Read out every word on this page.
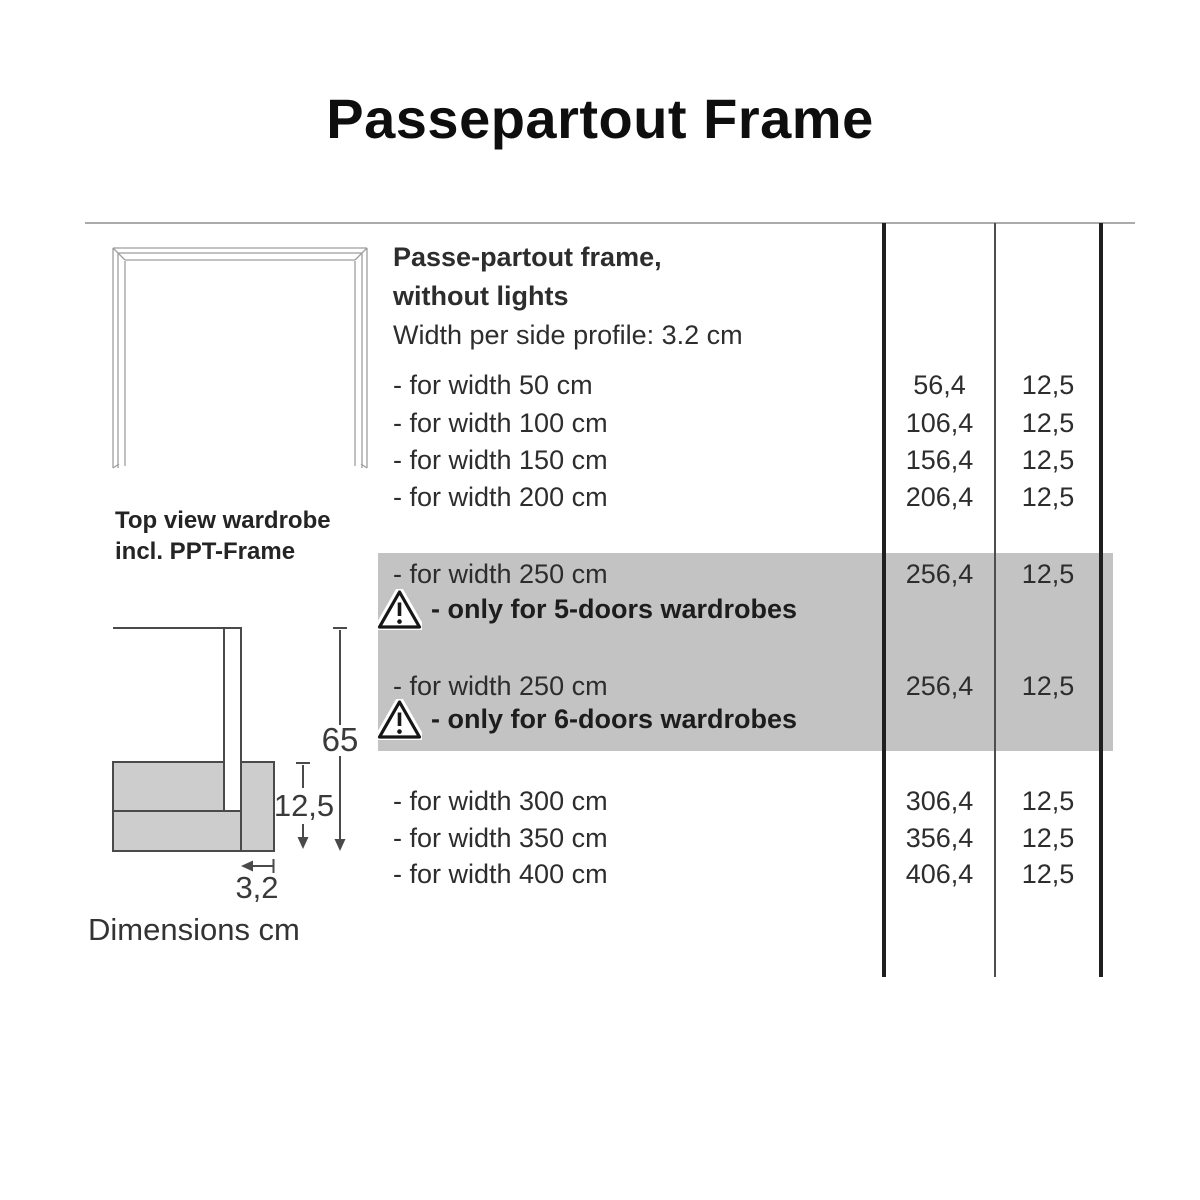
Passepartout Frame
Top view wardrobe
incl. PPT-Frame
65
12,5
3,2
Dimensions cm
Passe-partout frame,
without lights
Width per side profile: 3.2 cm
- for width 50 cm	56,4	12,5
- for width 100 cm	106,4	12,5
- for width 150 cm	156,4	12,5
- for width 200 cm	206,4	12,5
- for width 250 cm	256,4	12,5
- only for 5-doors wardrobes
- for width 250 cm	256,4	12,5
- only for 6-doors wardrobes
- for width 300 cm	306,4	12,5
- for width 350 cm	356,4	12,5
- for width 400 cm	406,4	12,5
